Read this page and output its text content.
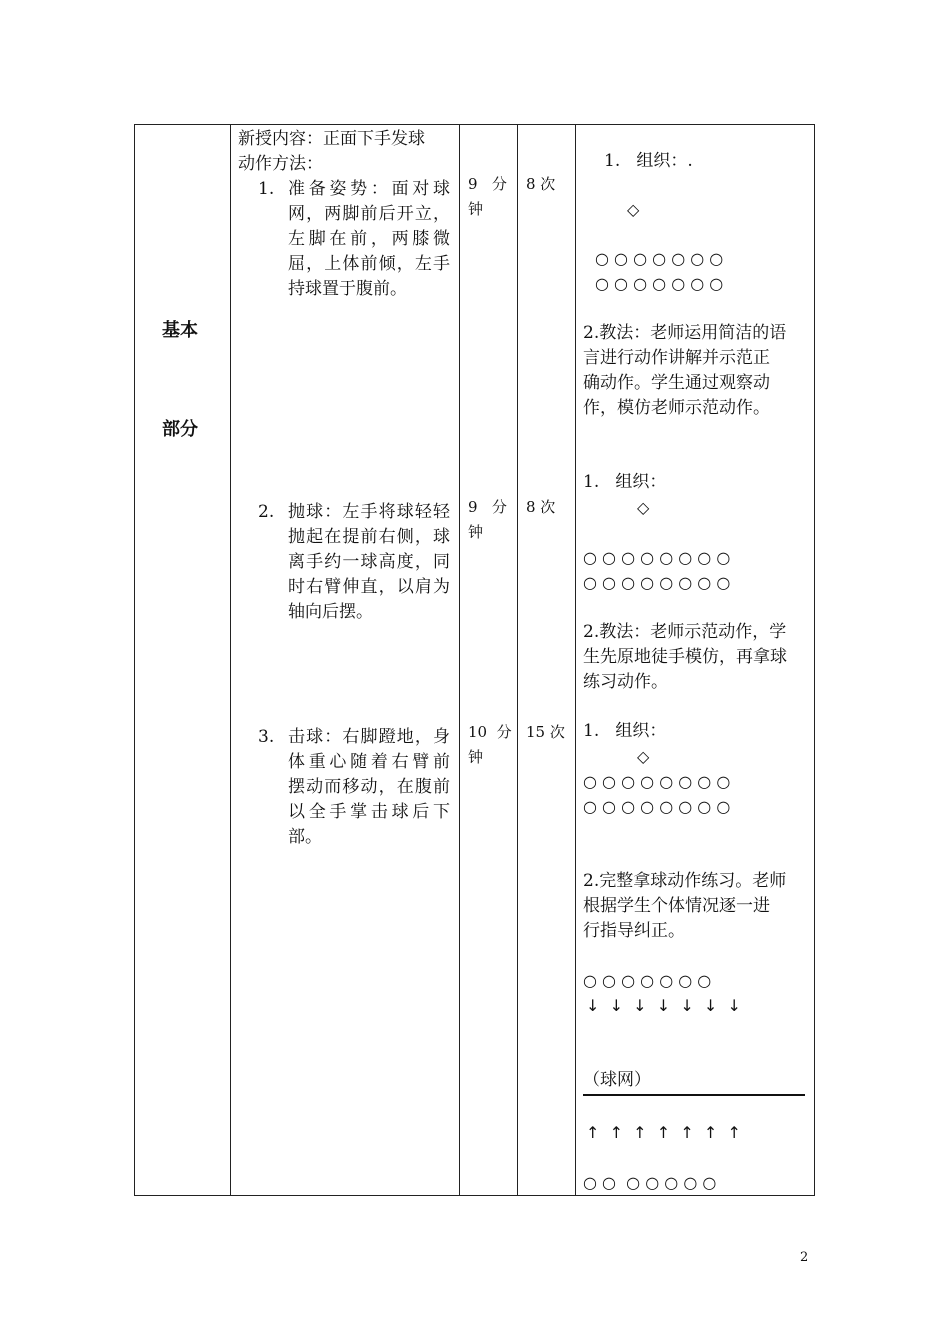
基本
部分
新授内容：正面下手发球
动作方法：
1. 准备姿势：面对球
网，两脚前后开立，
左脚在前，两膝微
屈，上体前倾，左手
持球置于腹前。
2. 抛球：左手将球轻轻
抛起在提前右侧，球
离手约一球高度，同
时右臂伸直，以肩为
轴向后摆。
3. 击球：右脚蹬地，身
体重心随着右臂前
摆动而移动，在腹前
以全手掌击球后下
部。
9   分
钟
9   分
钟
10  分
钟
8 次
8 次
15 次
1.   组织：.
◇
○ ○ ○ ○ ○ ○ ○
○ ○ ○ ○ ○ ○ ○
2.教法：老师运用简洁的语
言进行动作讲解并示范正
确动作。学生通过观察动
作，模仿老师示范动作。
1.   组织：
◇
○ ○ ○ ○ ○ ○ ○ ○
○ ○ ○ ○ ○ ○ ○ ○
2.教法：老师示范动作，学
生先原地徒手模仿，再拿球
练习动作。
1.   组织：
◇
○ ○ ○ ○ ○ ○ ○ ○
○ ○ ○ ○ ○ ○ ○ ○
2.完整拿球动作练习。老师
根据学生个体情况逐一进
行指导纠正。
○ ○ ○ ○ ○ ○ ○
↓  ↓  ↓  ↓  ↓  ↓  ↓
（球网）
↑  ↑  ↑  ↑  ↑  ↑  ↑
○ ○  ○ ○ ○ ○ ○
2
